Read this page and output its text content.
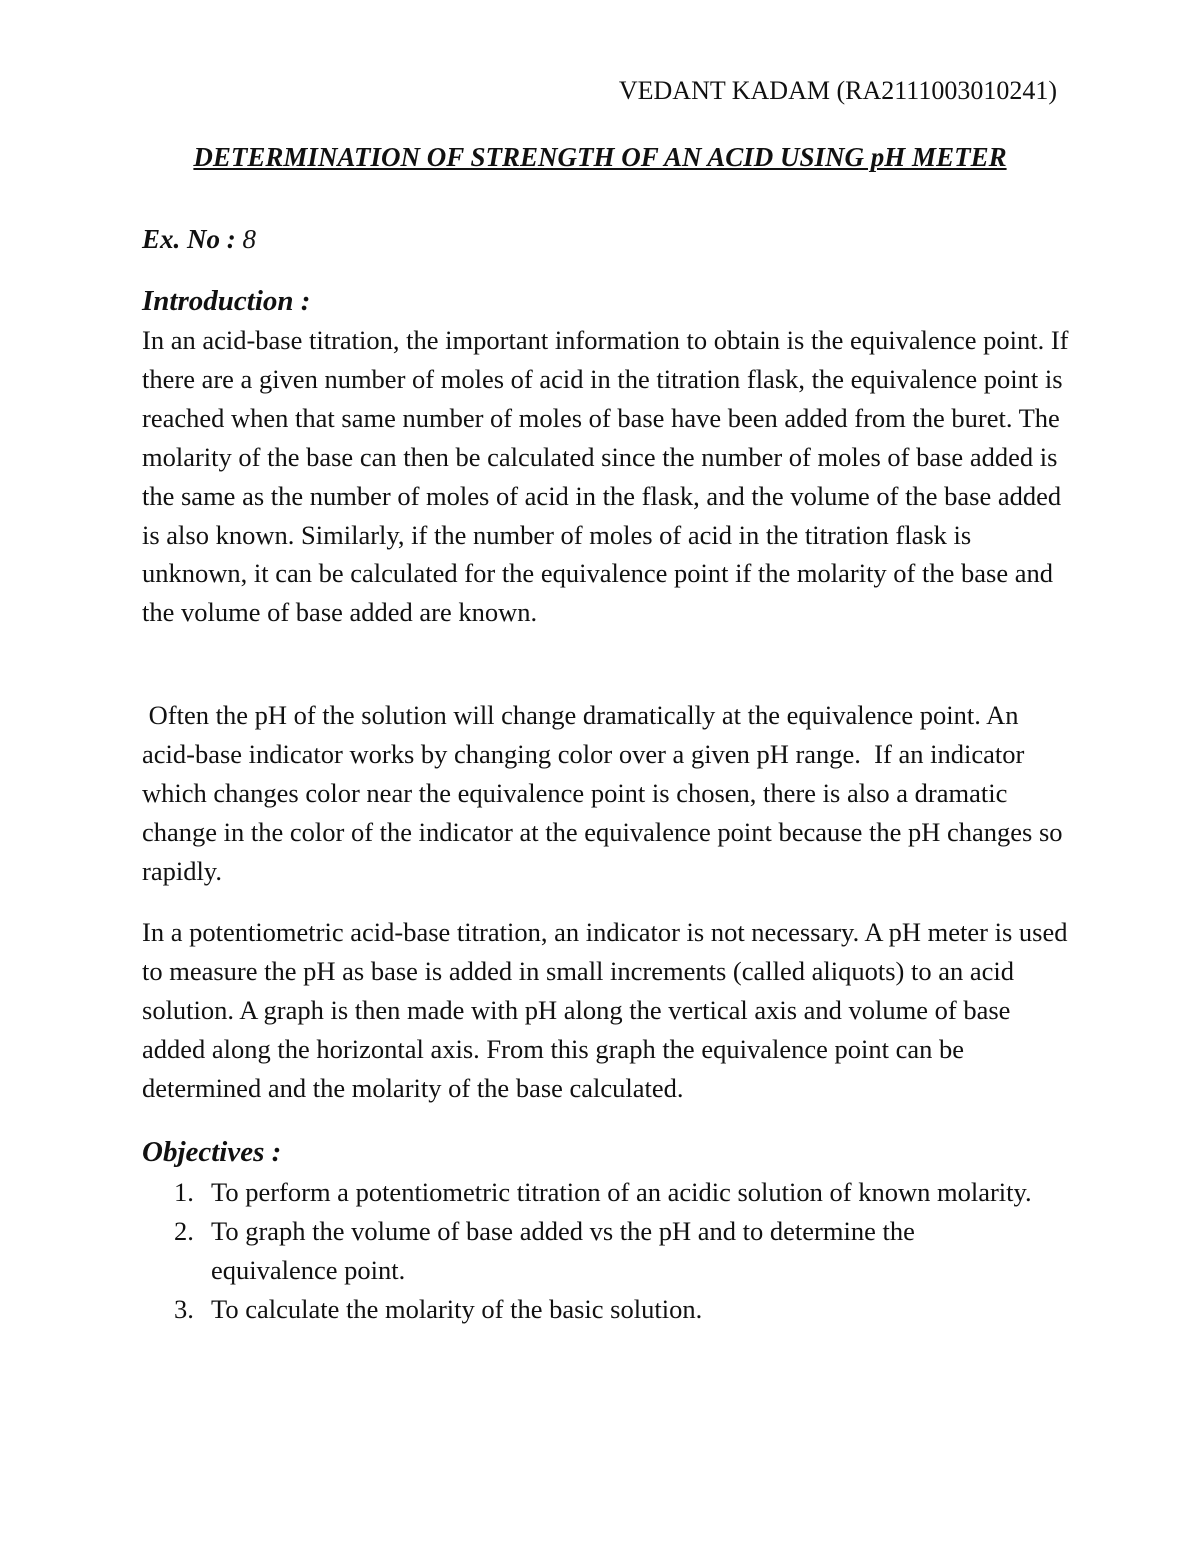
VEDANT KADAM (RA2111003010241)
DETERMINATION OF STRENGTH OF AN ACID USING pH METER
Ex. No : 8
Introduction :

In an acid-base titration, the important information to obtain is the equivalence point. If there are a given number of moles of acid in the titration flask, the equivalence point is reached when that same number of moles of base have been added from the buret. The molarity of the base can then be calculated since the number of moles of base added is the same as the number of moles of acid in the flask, and the volume of the base added is also known. Similarly, if the number of moles of acid in the titration flask is unknown, it can be calculated for the equivalence point if the molarity of the base and the volume of base added are known.

Often the pH of the solution will change dramatically at the equivalence point. An acid-base indicator works by changing color over a given pH range.  If an indicator which changes color near the equivalence point is chosen, there is also a dramatic change in the color of the indicator at the equivalence point because the pH changes so rapidly.

In a potentiometric acid-base titration, an indicator is not necessary. A pH meter is used to measure the pH as base is added in small increments (called aliquots) to an acid solution. A graph is then made with pH along the vertical axis and volume of base added along the horizontal axis. From this graph the equivalence point can be determined and the molarity of the base calculated.

Objectives :
1. To perform a potentiometric titration of an acidic solution of known molarity.
2. To graph the volume of base added vs the pH and to determine the equivalence point.
3. To calculate the molarity of the basic solution.
